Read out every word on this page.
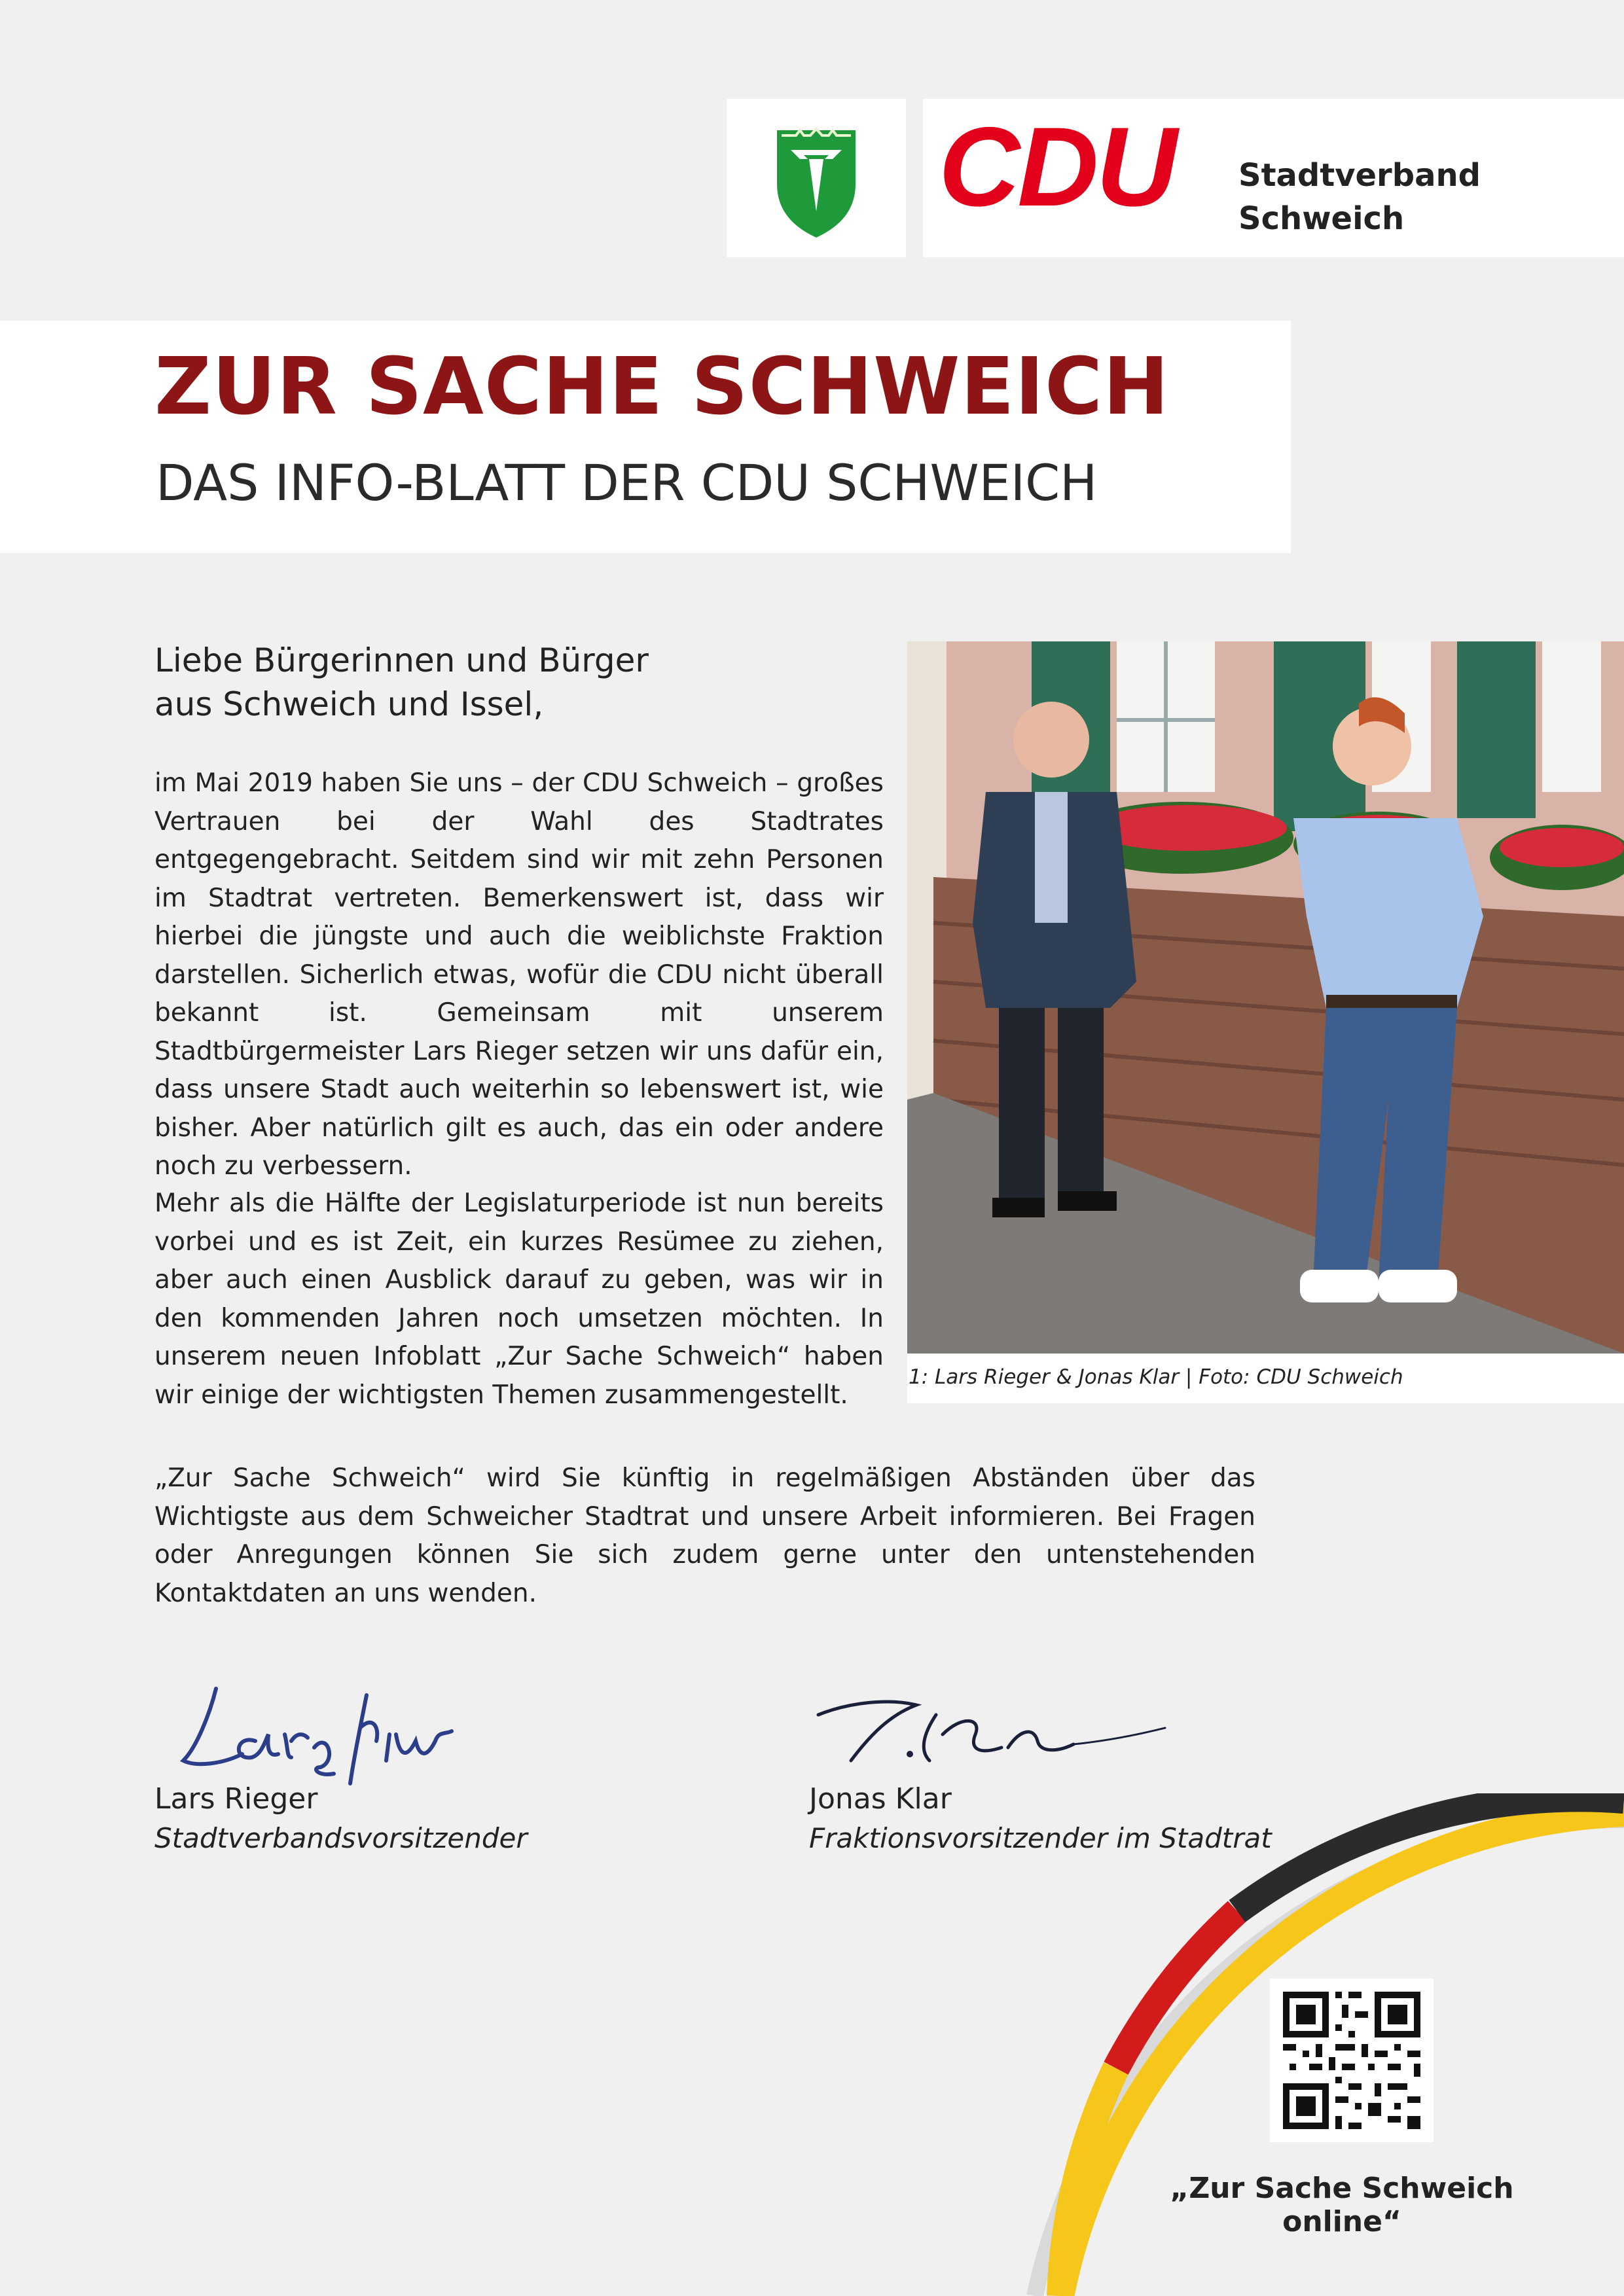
CDU Stadtverband
Schweich
ZUR SACHE SCHWEICH
DAS INFO-BLATT DER CDU SCHWEICH
Liebe Bürgerinnen und Bürger
aus Schweich und Issel,
im Mai 2019 haben Sie uns – der CDU Schweich – großes Vertrauen bei der Wahl des Stadtrates entgegengebracht. Seitdem sind wir mit zehn Personen im Stadtrat vertreten. Bemerkenswert ist, dass wir hierbei die jüngste und auch die weiblichste Fraktion darstellen. Sicherlich etwas, wofür die CDU nicht überall bekannt ist. Gemeinsam mit unserem Stadtbürgermeister Lars Rieger setzen wir uns dafür ein, dass unsere Stadt auch weiterhin so lebenswert ist, wie bisher. Aber natürlich gilt es auch, das ein oder andere noch zu verbessern.
Mehr als die Hälfte der Legislaturperiode ist nun bereits vorbei und es ist Zeit, ein kurzes Resümee zu ziehen, aber auch einen Ausblick darauf zu geben, was wir in den kommenden Jahren noch umsetzen möchten. In unserem neuen Infoblatt „Zur Sache Schweich“ haben wir einige der wichtigsten Themen zusammengestellt.
„Zur Sache Schweich“ wird Sie künftig in regelmäßigen Abständen über das Wichtigste aus dem Schweicher Stadtrat und unsere Arbeit informieren. Bei Fragen oder Anregungen können Sie sich zudem gerne unter den untenstehenden Kontaktdaten an uns wenden.
1: Lars Rieger & Jonas Klar | Foto: CDU Schweich
Lars Rieger
Stadtverbandsvorsitzender
Jonas Klar
Fraktionsvorsitzender im Stadtrat
„Zur Sache Schweich online“
